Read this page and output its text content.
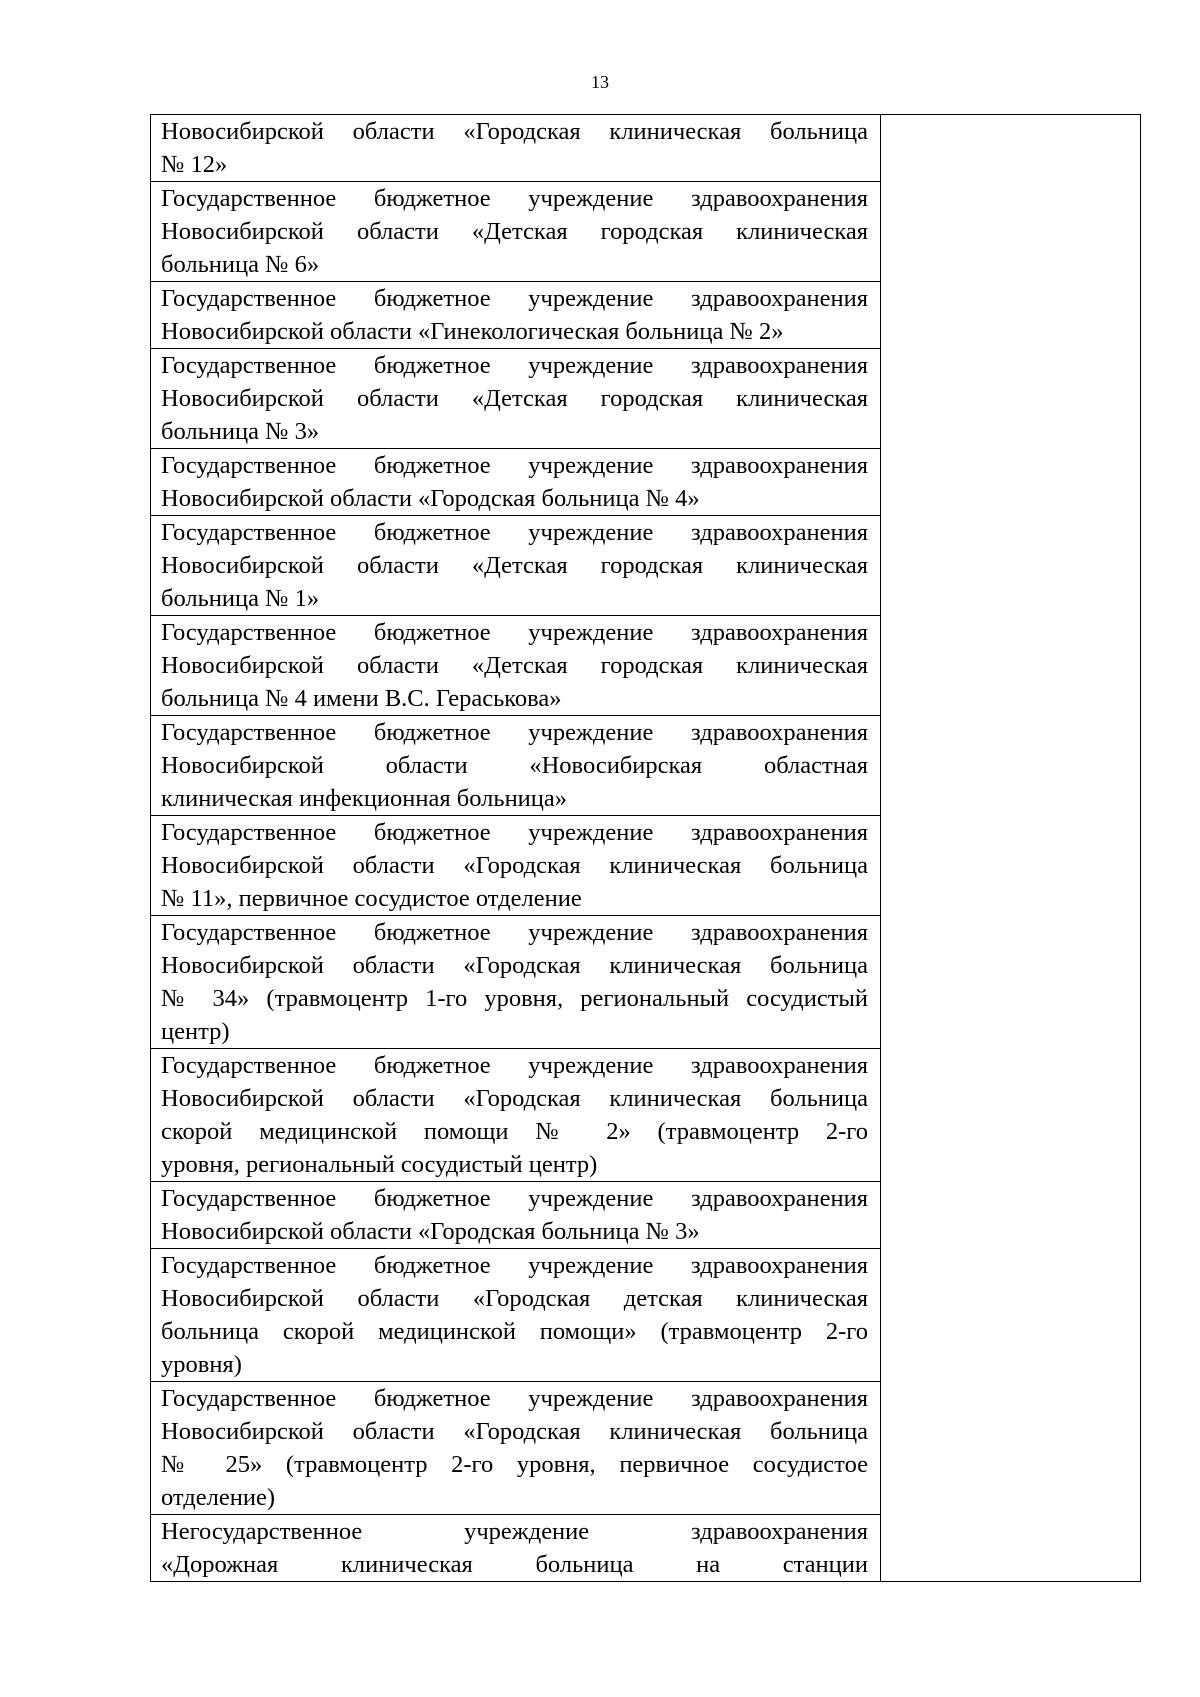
13
Новосибирской области «Городская клиническая больница
№ 12»

Государственное бюджетное учреждение здравоохранения
Новосибирской области «Детская городская клиническая
больница № 6»

Государственное бюджетное учреждение здравоохранения
Новосибирской области «Гинекологическая больница № 2»

Государственное бюджетное учреждение здравоохранения
Новосибирской области «Детская городская клиническая
больница № 3»

Государственное бюджетное учреждение здравоохранения
Новосибирской области «Городская больница № 4»

Государственное бюджетное учреждение здравоохранения
Новосибирской области «Детская городская клиническая
больница № 1»

Государственное бюджетное учреждение здравоохранения
Новосибирской области «Детская городская клиническая
больница № 4 имени В.С. Гераськова»

Государственное бюджетное учреждение здравоохранения
Новосибирской области «Новосибирская областная
клиническая инфекционная больница»

Государственное бюджетное учреждение здравоохранения
Новосибирской области «Городская клиническая больница
№ 11», первичное сосудистое отделение

Государственное бюджетное учреждение здравоохранения
Новосибирской области «Городская клиническая больница
№ 34» (травмоцентр 1-го уровня, региональный сосудистый
центр)

Государственное бюджетное учреждение здравоохранения
Новосибирской области «Городская клиническая больница
скорой медицинской помощи № 2» (травмоцентр 2-го
уровня, региональный сосудистый центр)

Государственное бюджетное учреждение здравоохранения
Новосибирской области «Городская больница № 3»

Государственное бюджетное учреждение здравоохранения
Новосибирской области «Городская детская клиническая
больница скорой медицинской помощи» (травмоцентр 2-го
уровня)

Государственное бюджетное учреждение здравоохранения
Новосибирской области «Городская клиническая больница
№ 25» (травмоцентр 2-го уровня, первичное сосудистое
отделение)

Негосударственное учреждение здравоохранения
«Дорожная клиническая больница на станции
